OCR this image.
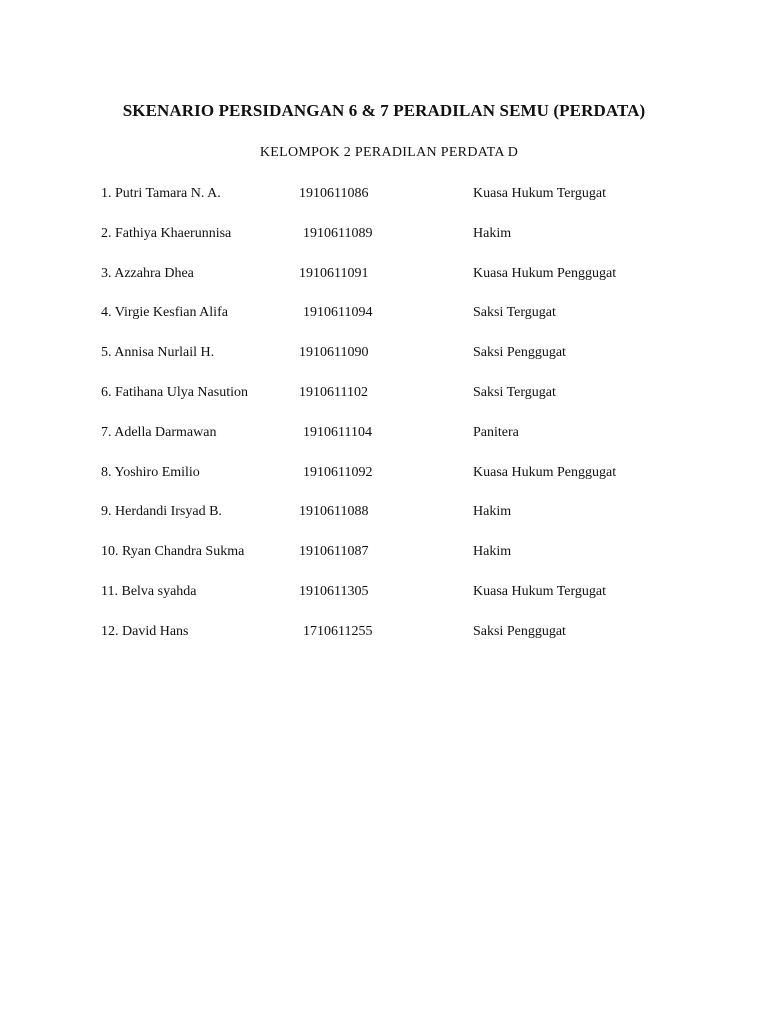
SKENARIO PERSIDANGAN 6 & 7 PERADILAN SEMU (PERDATA)
KELOMPOK 2 PERADILAN PERDATA D
1. Putri Tamara N. A.	1910611086	Kuasa Hukum Tergugat
2. Fathiya Khaerunnisa	1910611089	Hakim
3. Azzahra Dhea	1910611091	Kuasa Hukum Penggugat
4. Virgie Kesfian Alifa	1910611094	Saksi Tergugat
5. Annisa Nurlail H.	1910611090	Saksi Penggugat
6. Fatihana Ulya Nasution	1910611102	Saksi Tergugat
7. Adella Darmawan	1910611104	Panitera
8. Yoshiro Emilio	1910611092	Kuasa Hukum Penggugat
9. Herdandi Irsyad B.	1910611088	Hakim
10. Ryan Chandra Sukma	1910611087	Hakim
11. Belva syahda	1910611305	Kuasa Hukum Tergugat
12. David Hans	1710611255	Saksi Penggugat
